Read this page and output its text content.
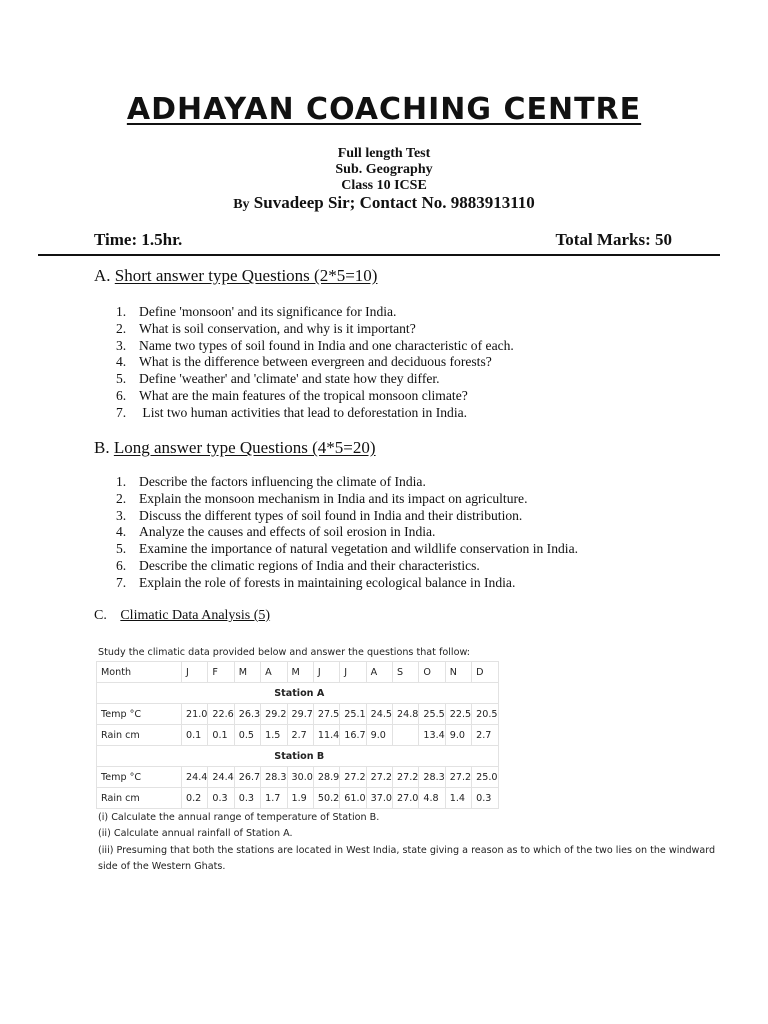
ADHAYAN COACHING CENTRE
Full length Test
Sub. Geography
Class 10 ICSE
By Suvadeep Sir; Contact No. 9883913110
Time: 1.5hr.	Total Marks: 50
A. Short answer type Questions (2*5=10)
1. Define 'monsoon' and its significance for India.
2. What is soil conservation, and why is it important?
3. Name two types of soil found in India and one characteristic of each.
4. What is the difference between evergreen and deciduous forests?
5. Define 'weather' and 'climate' and state how they differ.
6. What are the main features of the tropical monsoon climate?
7. List two human activities that lead to deforestation in India.
B. Long answer type Questions (4*5=20)
1. Describe the factors influencing the climate of India.
2. Explain the monsoon mechanism in India and its impact on agriculture.
3. Discuss the different types of soil found in India and their distribution.
4. Analyze the causes and effects of soil erosion in India.
5. Examine the importance of natural vegetation and wildlife conservation in India.
6. Describe the climatic regions of India and their characteristics.
7. Explain the role of forests in maintaining ecological balance in India.
C. Climatic Data Analysis (5)
Study the climatic data provided below and answer the questions that follow:
Month	J	F	M	A	M	J	J	A	S	O	N	D
Station A												
Temp °C	21.0	22.6	26.3	29.2	29.7	27.5	25.1	24.5	24.8	25.5	22.5	20.5
Rain cm	0.1	0.1	0.5	1.5	2.7	11.4	16.7	9.0		13.4	9.0	2.7
Station B												
Temp °C	24.4	24.4	26.7	28.3	30.0	28.9	27.2	27.2	27.2	28.3	27.2	25.0
Rain cm	0.2	0.3	0.3	1.7	1.9	50.2	61.0	37.0	27.0	4.8	1.4	0.3
(i) Calculate the annual range of temperature of Station B.
(ii) Calculate annual rainfall of Station A.
(iii) Presuming that both the stations are located in West India, state giving a reason as to which of the two lies on the windward
side of the Western Ghats.
